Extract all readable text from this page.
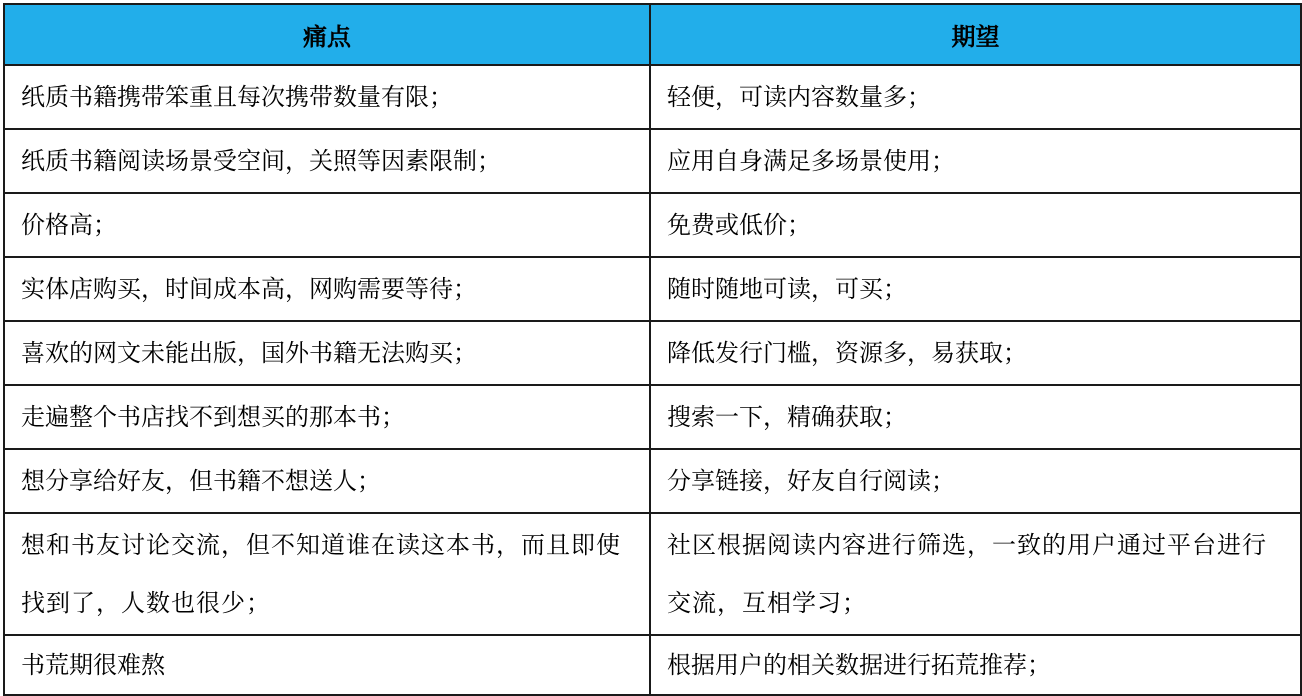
痛点	期望
纸质书籍携带笨重且每次携带数量有限；	轻便，可读内容数量多；
纸质书籍阅读场景受空间，关照等因素限制；	应用自身满足多场景使用；
价格高；	免费或低价；
实体店购买，时间成本高，网购需要等待；	随时随地可读，可买；
喜欢的网文未能出版，国外书籍无法购买；	降低发行门槛，资源多，易获取；
走遍整个书店找不到想买的那本书；	搜索一下，精确获取；
想分享给好友，但书籍不想送人；	分享链接，好友自行阅读；
想和书友讨论交流，但不知道谁在读这本书，而且即使找到了，人数也很少；	社区根据阅读内容进行筛选，一致的用户通过平台进行交流，互相学习；
书荒期很难熬	根据用户的相关数据进行拓荒推荐；
